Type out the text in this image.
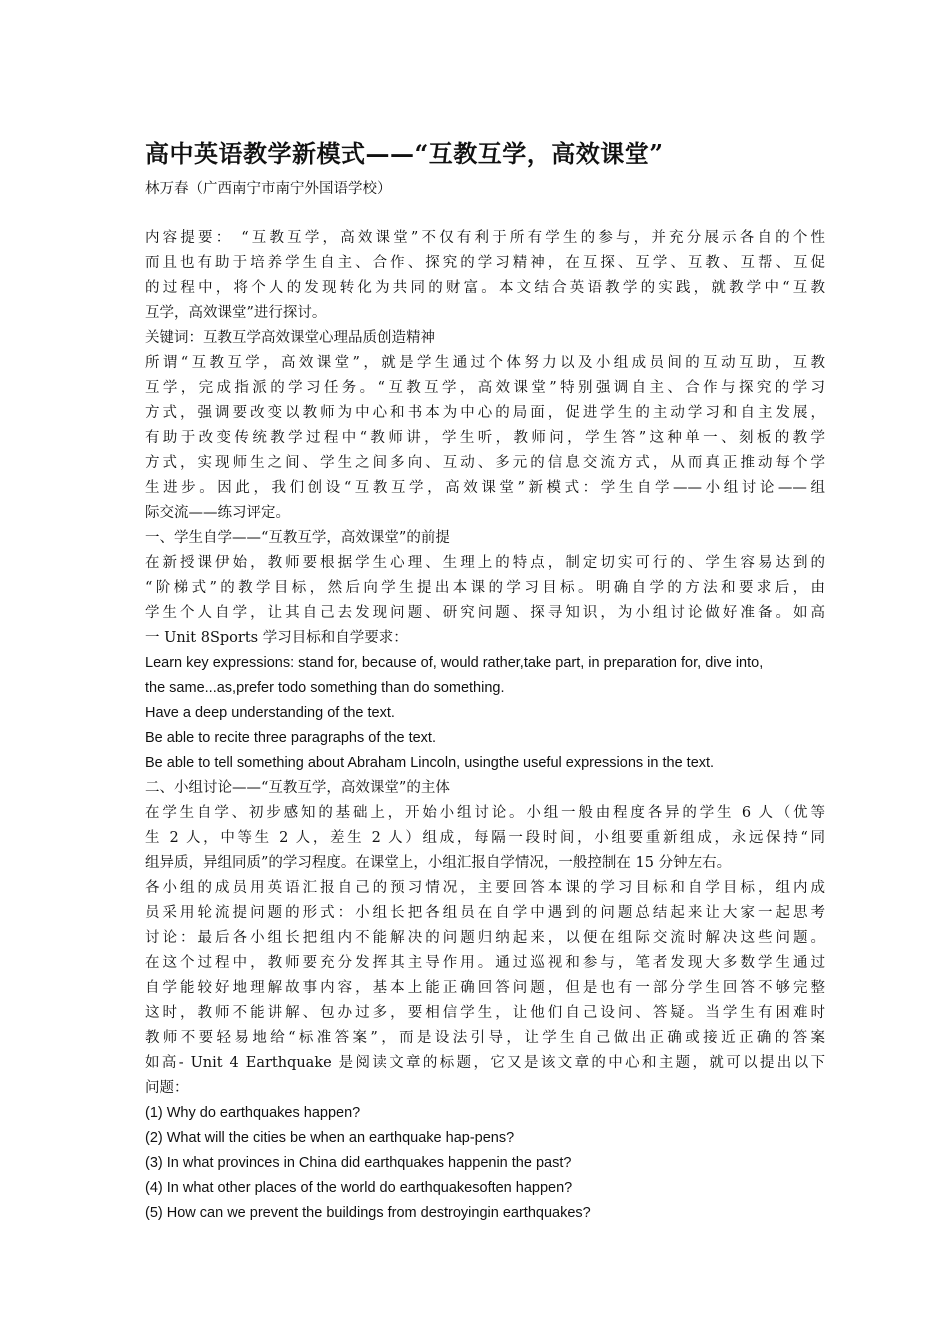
高中英语教学新模式——“互教互学，高效课堂”
林万春（广西南宁市南宁外国语学校）
内容提要： “互教互学，高效课堂”不仅有利于所有学生的参与，并充分展示各自的个性
而且也有助于培养学生自主、合作、探究的学习精神，在互探、互学、互教、互帮、互促
的过程中，将个人的发现转化为共同的财富。本文结合英语教学的实践，就教学中“互教
互学，高效课堂”进行探讨。
关键词：互教互学高效课堂心理品质创造精神
所谓“互教互学，高效课堂”，就是学生通过个体努力以及小组成员间的互动互助，互教
互学，完成指派的学习任务。“互教互学，高效课堂”特别强调自主、合作与探究的学习
方式，强调要改变以教师为中心和书本为中心的局面，促进学生的主动学习和自主发展，
有助于改变传统教学过程中“教师讲，学生听，教师问，学生答”这种单一、刻板的教学
方式，实现师生之间、学生之间多向、互动、多元的信息交流方式，从而真正推动每个学
生进步。因此，我们创设“互教互学，高效课堂”新模式：学生自学——小组讨论——组
际交流——练习评定。
一、学生自学——“互教互学，高效课堂”的前提
在新授课伊始，教师要根据学生心理、生理上的特点，制定切实可行的、学生容易达到的
“阶梯式”的教学目标，然后向学生提出本课的学习目标。明确自学的方法和要求后，由
学生个人自学，让其自己去发现问题、研究问题、探寻知识，为小组讨论做好准备。如高
一 Unit 8Sports 学习目标和自学要求：
Learn key expressions: stand for, because of, would rather,take part, in preparation for, dive into,
the same...as,prefer todo something than do something.
Have a deep understanding of the text.
Be able to recite three paragraphs of the text.
Be able to tell something about Abraham Lincoln, usingthe useful expressions in the text.
二、小组讨论——“互教互学，高效课堂”的主体
在学生自学、初步感知的基础上，开始小组讨论。小组一般由程度各异的学生 6 人（优等
生 2 人，中等生 2 人，差生 2 人）组成，每隔一段时间，小组要重新组成，永远保持“同
组异质，异组同质”的学习程度。在课堂上，小组汇报自学情况，一般控制在 15 分钟左右。
各小组的成员用英语汇报自己的预习情况，主要回答本课的学习目标和自学目标，组内成
员采用轮流提问题的形式：小组长把各组员在自学中遇到的问题总结起来让大家一起思考
讨论：最后各小组长把组内不能解决的问题归纳起来，以便在组际交流时解决这些问题。
在这个过程中，教师要充分发挥其主导作用。通过巡视和参与，笔者发现大多数学生通过
自学能较好地理解故事内容，基本上能正确回答问题，但是也有一部分学生回答不够完整
这时，教师不能讲解、包办过多，要相信学生，让他们自己设问、答疑。当学生有困难时
教师不要轻易地给“标准答案”，而是设法引导，让学生自己做出正确或接近正确的答案
如高- Unit 4 Earthquake 是阅读文章的标题，它又是该文章的中心和主题，就可以提出以下
问题：
(1) Why do earthquakes happen?
(2) What will the cities be when an earthquake hap-pens?
(3) In what provinces in China did earthquakes happenin the past?
(4) In what other places of the world do earthquakesoften happen?
(5) How can we prevent the buildings from destroyingin earthquakes?
